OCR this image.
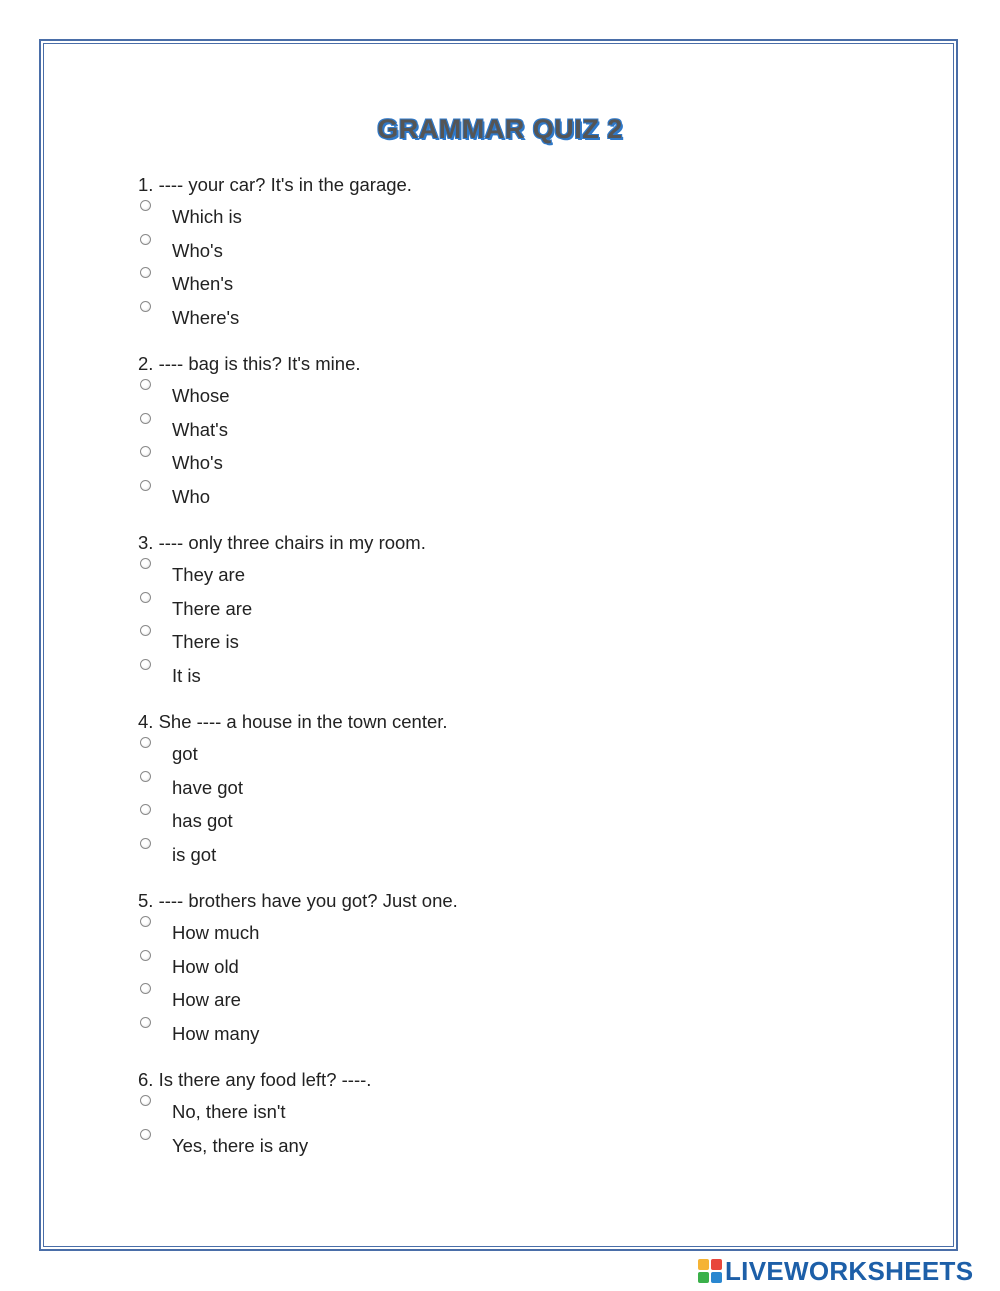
GRAMMAR QUIZ 2
1. ---- your car? It's in the garage.
Which is
Who's
When's
Where's
2. ---- bag is this? It's mine.
Whose
What's
Who's
Who
3. ---- only three chairs in my room.
They are
There are
There is
It is
4. She ---- a house in the town center.
got
have got
has got
is got
5. ---- brothers have you got? Just one.
How much
How old
How are
How many
6. Is there any food left? ----.
No, there isn't
Yes, there is any
LIVEWORKSHEETS
